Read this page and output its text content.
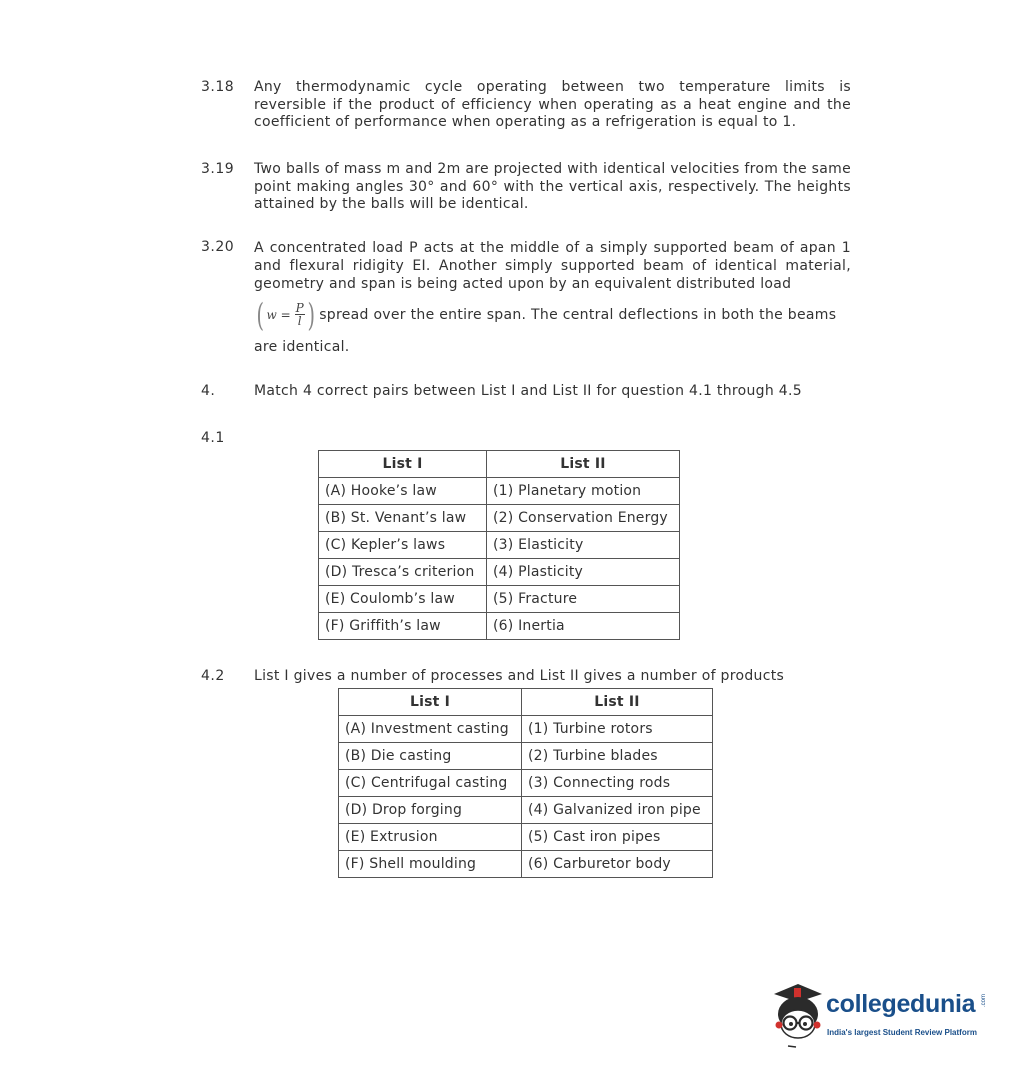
3.18 Any thermodynamic cycle operating between two temperature limits is reversible if the product of efficiency when operating as a heat engine and the coefficient of performance when operating as a refrigeration is equal to 1.
3.19 Two balls of mass m and 2m are projected with identical velocities from the same point making angles 30° and 60° with the vertical axis, respectively. The heights attained by the balls will be identical.
3.20 A concentrated load P acts at the middle of a simply supported beam of apan 1 and flexural ridigity EI. Another simply supported beam of identical material, geometry and span is being acted upon by an equivalent distributed load
( $w = \frac{P}{l}$ ) spread over the entire span. The central deflections in both the beams
are identical.
4.	Match 4 correct pairs between List I and List II for question 4.1 through 4.5
4.1
List I	List II
(A) Hooke’s law	(1) Planetary motion
(B) St. Venant’s law	(2) Conservation Energy
(C) Kepler’s laws	(3) Elasticity
(D) Tresca’s criterion	(4) Plasticity
(E) Coulomb’s law	(5) Fracture
(F) Griffith’s law	(6) Inertia
4.2 List I gives a number of processes and List II gives a number of products
List I	List II
(A) Investment casting	(1) Turbine rotors
(B) Die casting	(2) Turbine blades
(C) Centrifugal casting	(3) Connecting rods
(D) Drop forging	(4) Galvanized iron pipe
(E) Extrusion	(5) Cast iron pipes
(F) Shell moulding	(6) Carburetor body
collegedunia .com
India's largest Student Review Platform
